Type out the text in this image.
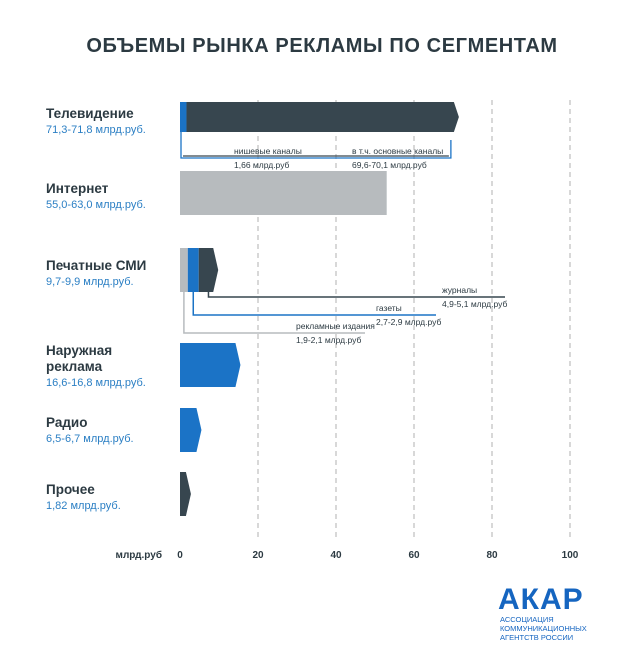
ОБЪЕМЫ РЫНКА РЕКЛАМЫ ПО СЕГМЕНТАМ
Телевидение
71,3-71,8 млрд.руб.
Интернет
55,0-63,0 млрд.руб.
Печатные СМИ
9,7-9,9 млрд.руб.
Наружная
реклама
16,6-16,8 млрд.руб.
Радио
6,5-6,7 млрд.руб.
Прочее
1,82 млрд.руб.
нишевые каналы
1,66 млрд.руб
в т.ч. основные каналы
69,6-70,1 млрд.руб
журналы
4,9-5,1 млрд.руб
газеты
2,7-2,9 млрд.руб
рекламные издания
1,9-2,1 млрд.руб
0	20	40	60	80	100
млрд.руб
АКАР
АССОЦИАЦИЯ
КОММУНИКАЦИОННЫХ
АГЕНТСТВ РОССИИ
